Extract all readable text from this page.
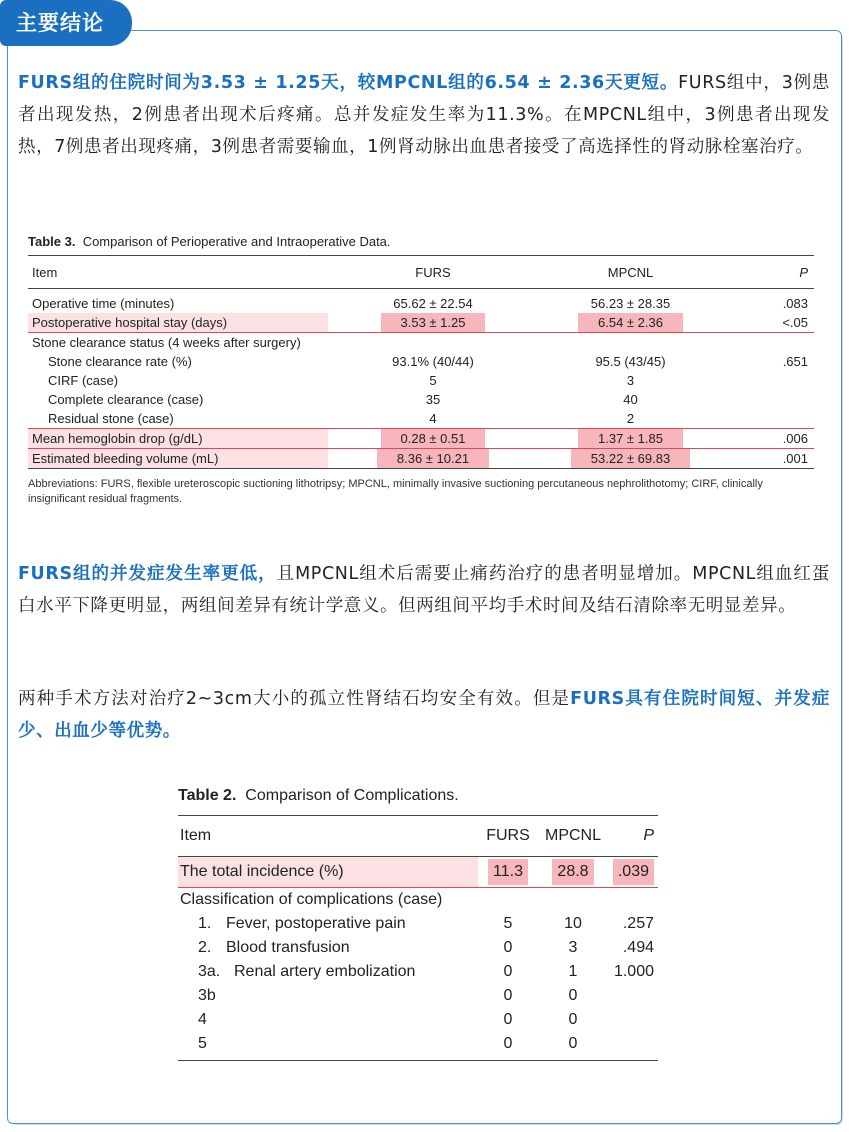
主要结论
FURS组的住院时间为3.53 ± 1.25天，较MPCNL组的6.54 ± 2.36天更短。FURS组中，3例患者出现发热，2例患者出现术后疼痛。总并发症发生率为11.3%。在MPCNL组中，3例患者出现发热，7例患者出现疼痛，3例患者需要输血，1例肾动脉出血患者接受了高选择性的肾动脉栓塞治疗。
Table 3. Comparison of Perioperative and Intraoperative Data.
Item	FURS	MPCNL	P
Operative time (minutes)	65.62 ± 22.54	56.23 ± 28.35	.083
Postoperative hospital stay (days)	3.53 ± 1.25	6.54 ± 2.36	<.05
Stone clearance status (4 weeks after surgery)			
Stone clearance rate (%)	93.1% (40/44)	95.5 (43/45)	.651
CIRF (case)	5	3	
Complete clearance (case)	35	40	
Residual stone (case)	4	2	
Mean hemoglobin drop (g/dL)	0.28 ± 0.51	1.37 ± 1.85	.006
Estimated bleeding volume (mL)	8.36 ± 10.21	53.22 ± 69.83	.001
Abbreviations: FURS, flexible ureteroscopic suctioning lithotripsy; MPCNL, minimally invasive suctioning percutaneous nephrolithotomy; CIRF, clinically insignificant residual fragments.
FURS组的并发症发生率更低，且MPCNL组术后需要止痛药治疗的患者明显增加。MPCNL组血红蛋白水平下降更明显，两组间差异有统计学意义。但两组间平均手术时间及结石清除率无明显差异。
两种手术方法对治疗2~3cm大小的孤立性肾结石均安全有效。但是FURS具有住院时间短、并发症少、出血少等优势。
Table 2. Comparison of Complications.
Item	FURS	MPCNL	P
The total incidence (%)	11.3	28.8	.039
Classification of complications (case)			
1. Fever, postoperative pain	5	10	.257
2. Blood transfusion	0	3	.494
3a. Renal artery embolization	0	1	1.000
3b	0	0	
4	0	0	
5	0	0	
